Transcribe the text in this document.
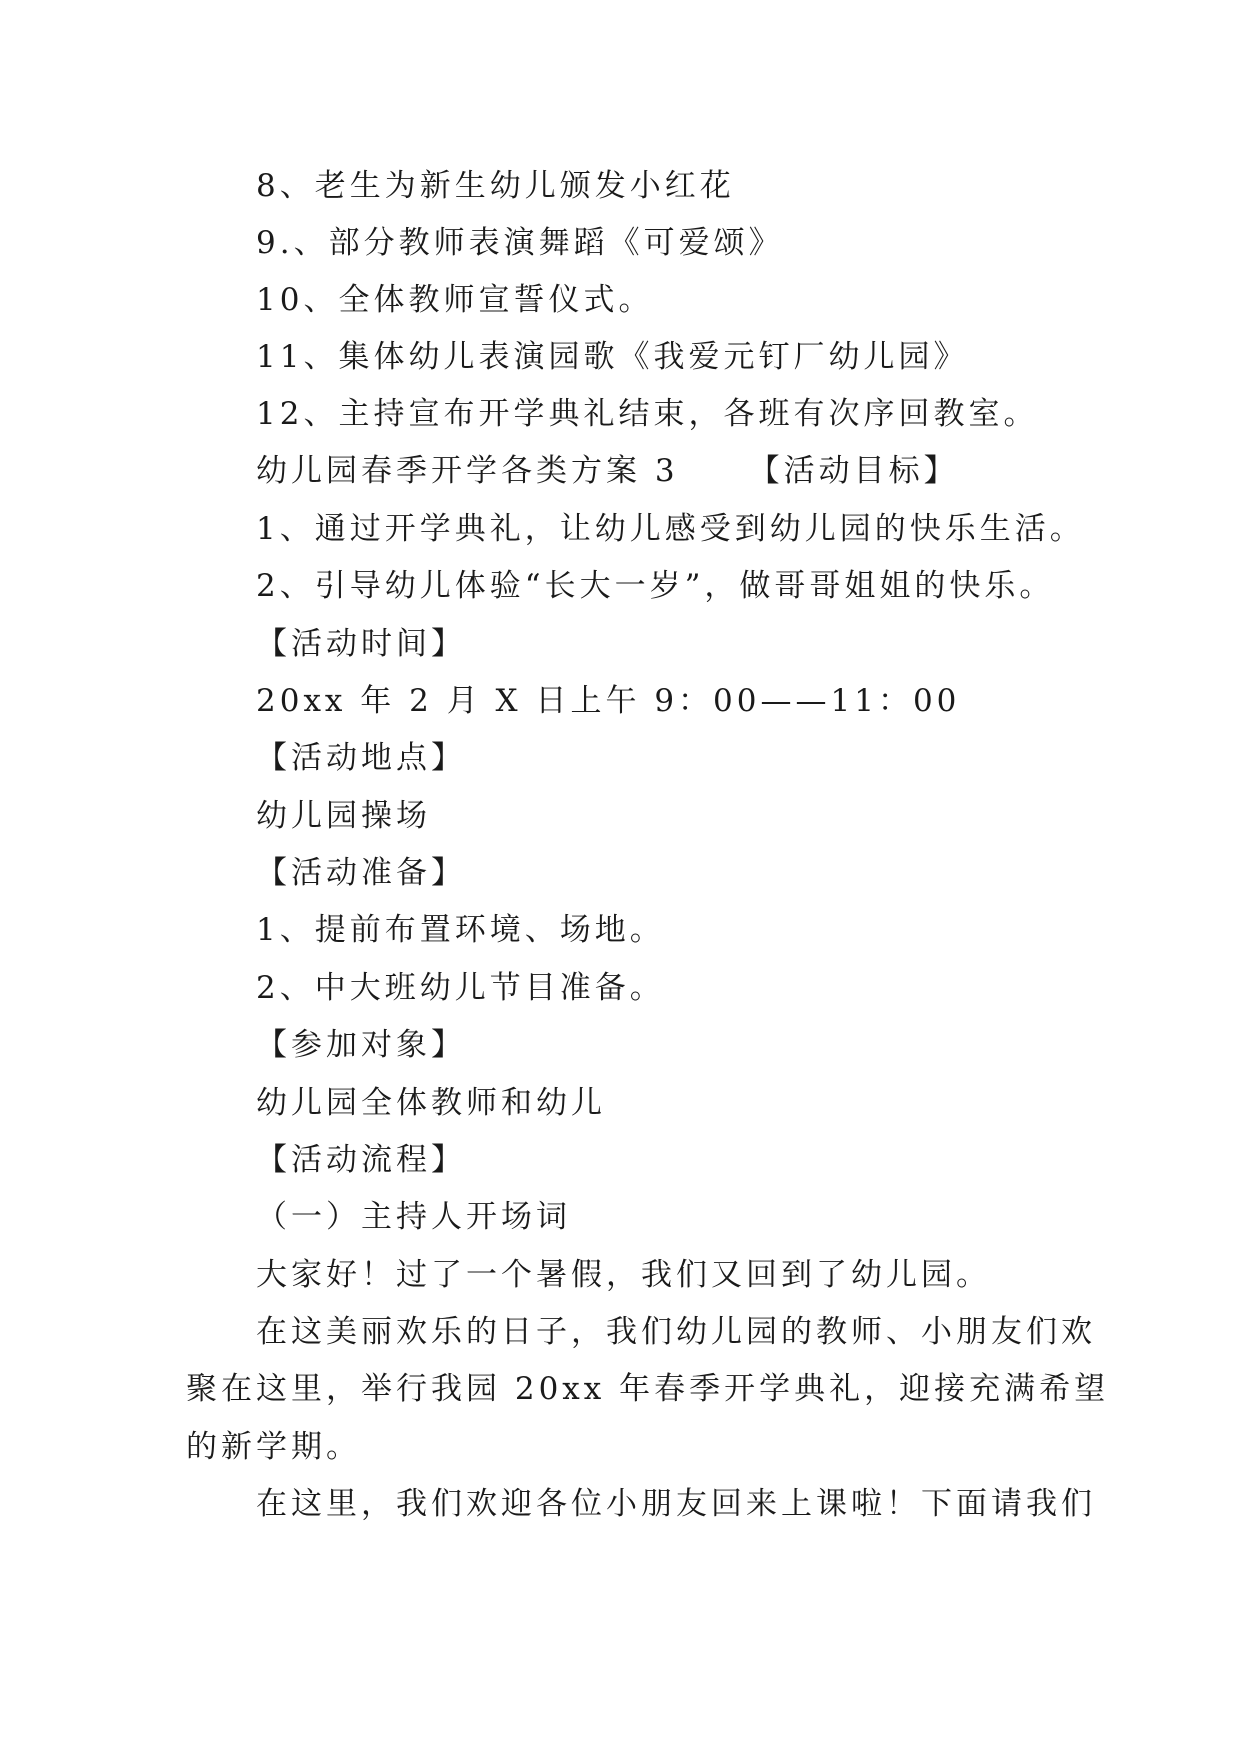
8、老生为新生幼儿颁发小红花
9.、部分教师表演舞蹈《可爱颂》
10、全体教师宣誓仪式。
11、集体幼儿表演园歌《我爱元钉厂幼儿园》
12、主持宣布开学典礼结束，各班有次序回教室。
幼儿园春季开学各类方案 3 【活动目标】
1、通过开学典礼，让幼儿感受到幼儿园的快乐生活。
2、引导幼儿体验“长大一岁”，做哥哥姐姐的快乐。
【活动时间】
20xx 年 2 月 X 日上午 9：00——11：00
【活动地点】
幼儿园操场
【活动准备】
1、提前布置环境、场地。
2、中大班幼儿节目准备。
【参加对象】
幼儿园全体教师和幼儿
【活动流程】
（一）主持人开场词
大家好！过了一个暑假，我们又回到了幼儿园。
在这美丽欢乐的日子，我们幼儿园的教师、小朋友们欢
聚在这里，举行我园 20xx 年春季开学典礼，迎接充满希望
的新学期。
在这里，我们欢迎各位小朋友回来上课啦！下面请我们
